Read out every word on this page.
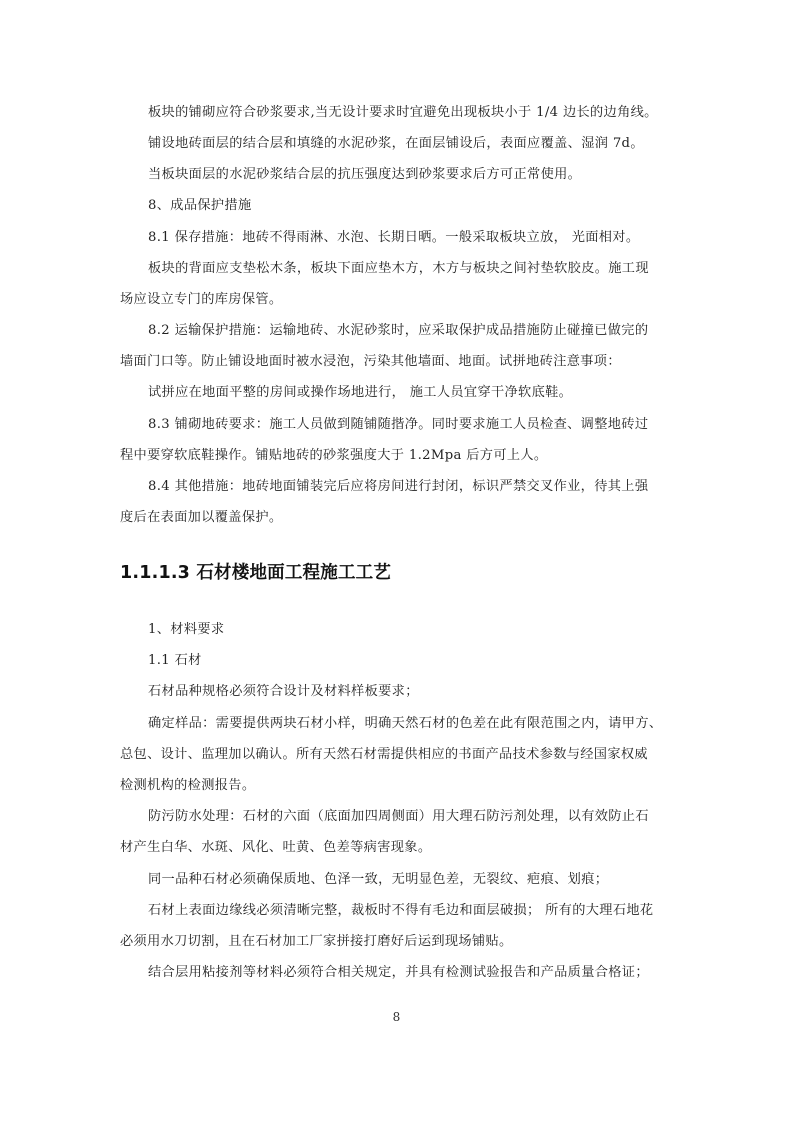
板块的铺砌应符合砂浆要求,当无设计要求时宜避免出现板块小于 1/4 边长的边角线。
铺设地砖面层的结合层和填缝的水泥砂浆，在面层铺设后，表面应覆盖、湿润 7d。
当板块面层的水泥砂浆结合层的抗压强度达到砂浆要求后方可正常使用。
8、成品保护措施
8.1 保存措施：地砖不得雨淋、水泡、长期日晒。一般采取板块立放， 光面相对。
板块的背面应支垫松木条，板块下面应垫木方，木方与板块之间衬垫软胶皮。施工现
场应设立专门的库房保管。
8.2 运输保护措施：运输地砖、水泥砂浆时，应采取保护成品措施防止碰撞已做完的
墙面门口等。防止铺设地面时被水浸泡，污染其他墙面、地面。试拼地砖注意事项：
试拼应在地面平整的房间或操作场地进行， 施工人员宜穿干净软底鞋。
8.3 铺砌地砖要求：施工人员做到随铺随揩净。同时要求施工人员检查、调整地砖过
程中要穿软底鞋操作。铺贴地砖的砂浆强度大于 1.2Mpa 后方可上人。
8.4 其他措施：地砖地面铺装完后应将房间进行封闭，标识严禁交叉作业，待其上强
度后在表面加以覆盖保护。
1.1.1.3 石材楼地面工程施工工艺
1、材料要求
1.1 石材
石材品种规格必须符合设计及材料样板要求；
确定样品：需要提供两块石材小样，明确天然石材的色差在此有限范围之内，请甲方、
总包、设计、监理加以确认。所有天然石材需提供相应的书面产品技术参数与经国家权威
检测机构的检测报告。
防污防水处理：石材的六面（底面加四周侧面）用大理石防污剂处理，以有效防止石
材产生白华、水斑、风化、吐黄、色差等病害现象。
同一品种石材必须确保质地、色泽一致，无明显色差，无裂纹、疤痕、划痕；
石材上表面边缘线必须清晰完整，裁板时不得有毛边和面层破损； 所有的大理石地花
必须用水刀切割，且在石材加工厂家拼接打磨好后运到现场铺贴。
结合层用粘接剂等材料必须符合相关规定，并具有检测试验报告和产品质量合格证；
8
